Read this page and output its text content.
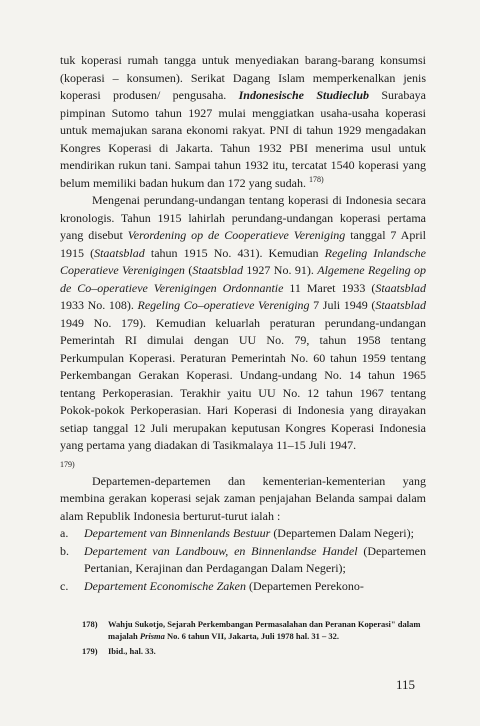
tuk koperasi rumah tangga untuk menyediakan barang-barang konsumsi (koperasi – konsumen). Serikat Dagang Islam memperkenalkan jenis koperasi produsen/ pengusaha. Indonesische Studieclub Surabaya pimpinan Sutomo tahun 1927 mulai menggiatkan usaha-usaha koperasi untuk memajukan sarana ekonomi rakyat. PNI di tahun 1929 mengadakan Kongres Koperasi di Jakarta. Tahun 1932 PBI menerima usul untuk mendirikan rukun tani. Sampai tahun 1932 itu, tercatat 1540 koperasi yang belum memiliki badan hukum dan 172 yang sudah. $^{178)}$

Mengenai perundang-undangan tentang koperasi di Indonesia secara kronologis. Tahun 1915 lahirlah perundang-undangan koperasi pertama yang disebut Verordening op de Cooperatieve Vereniging tanggal 7 April 1915 (Staatsblad tahun 1915 No. 431). Kemudian Regeling Inlandsche Coperatieve Verenigingen (Staatsblad 1927 No. 91). Algemene Regeling op de Co–operatieve Verenigingen Ordonnantie 11 Maret 1933 (Staatsblad 1933 No. 108). Regeling Co–operatieve Vereniging 7 Juli 1949 (Staatsblad 1949 No. 179). Kemudian keluarlah peraturan perundang-undangan Pemerintah RI dimulai dengan UU No. 79, tahun 1958 tentang Perkumpulan Koperasi. Peraturan Pemerintah No. 60 tahun 1959 tentang Perkembangan Gerakan Koperasi. Undang-undang No. 14 tahun 1965 tentang Perkoperasian. Terakhir yaitu UU No. 12 tahun 1967 tentang Pokok-pokok Perkoperasian. Hari Koperasi di Indonesia yang dirayakan setiap tanggal 12 Juli merupakan keputusan Kongres Koperasi Indonesia yang pertama yang diadakan di Tasikmalaya 11–15 Juli 1947.

179)

Departemen-departemen dan kementerian-kementerian yang membina gerakan koperasi sejak zaman penjajahan Belanda sampai dalam alam Republik Indonesia berturut-turut ialah :

a.	Departement van Binnenlands Bestuur (Departemen Dalam Negeri);
b.	Departement van Landbouw, en Binnenlandse Handel (Departemen Pertanian, Kerajinan dan Perdagangan Dalam Negeri);
c.	Departement Economische Zaken (Departemen Perekono-
178)	Wahju Sukotjo, Sejarah Perkembangan Permasalahan dan Peranan Koperasi" dalam majalah Prisma No. 6 tahun VII, Jakarta, Juli 1978 hal. 31 – 32.
179)	Ibid., hal. 33.
115
